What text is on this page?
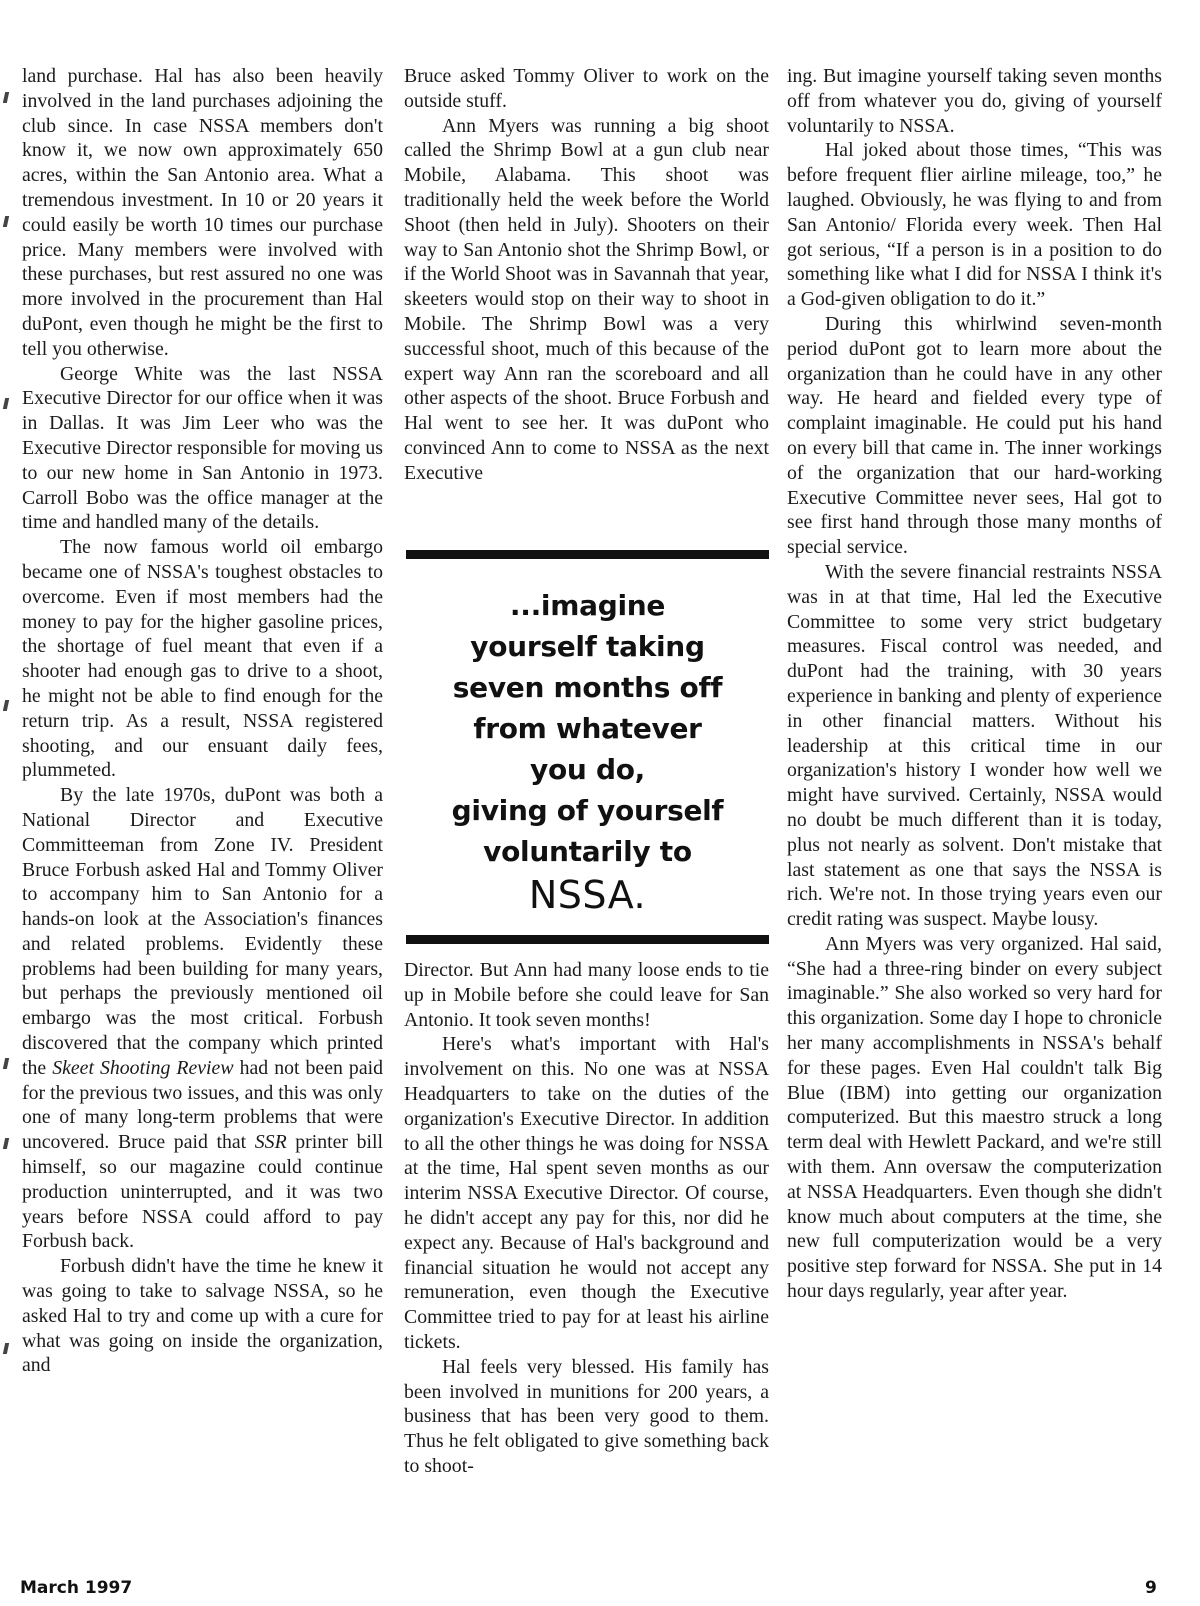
land purchase. Hal has also been heavily involved in the land purchases adjoining the club since. In case NSSA members don't know it, we now own approximately 650 acres, within the San Antonio area. What a tremendous investment. In 10 or 20 years it could easily be worth 10 times our purchase price. Many members were involved with these purchases, but rest assured no one was more involved in the procurement than Hal duPont, even though he might be the first to tell you otherwise.

George White was the last NSSA Executive Director for our office when it was in Dallas. It was Jim Leer who was the Executive Director responsible for moving us to our new home in San Antonio in 1973. Carroll Bobo was the office manager at the time and handled many of the details.

The now famous world oil embargo became one of NSSA's toughest obstacles to overcome. Even if most members had the money to pay for the higher gasoline prices, the shortage of fuel meant that even if a shooter had enough gas to drive to a shoot, he might not be able to find enough for the return trip. As a result, NSSA registered shooting, and our ensuant daily fees, plummeted.

By the late 1970s, duPont was both a National Director and Executive Committeeman from Zone IV. President Bruce Forbush asked Hal and Tommy Oliver to accompany him to San Antonio for a hands-on look at the Association's finances and related problems. Evidently these problems had been building for many years, but perhaps the previously mentioned oil embargo was the most critical. Forbush discovered that the company which printed the Skeet Shooting Review had not been paid for the previous two issues, and this was only one of many long-term problems that were uncovered. Bruce paid that SSR printer bill himself, so our magazine could continue production uninterrupted, and it was two years before NSSA could afford to pay Forbush back.

Forbush didn't have the time he knew it was going to take to salvage NSSA, so he asked Hal to try and come up with a cure for what was going on inside the organization, and

Bruce asked Tommy Oliver to work on the outside stuff.

Ann Myers was running a big shoot called the Shrimp Bowl at a gun club near Mobile, Alabama. This shoot was traditionally held the week before the World Shoot (then held in July). Shooters on their way to San Antonio shot the Shrimp Bowl, or if the World Shoot was in Savannah that year, skeeters would stop on their way to shoot in Mobile. The Shrimp Bowl was a very successful shoot, much of this because of the expert way Ann ran the scoreboard and all other aspects of the shoot. Bruce Forbush and Hal went to see her. It was duPont who convinced Ann to come to NSSA as the next Executive

...imagine
yourself taking
seven months off
from whatever
you do,
giving of yourself
voluntarily to
NSSA.

Director. But Ann had many loose ends to tie up in Mobile before she could leave for San Antonio. It took seven months!

Here's what's important with Hal's involvement on this. No one was at NSSA Headquarters to take on the duties of the organization's Executive Director. In addition to all the other things he was doing for NSSA at the time, Hal spent seven months as our interim NSSA Executive Director. Of course, he didn't accept any pay for this, nor did he expect any. Because of Hal's background and financial situation he would not accept any remuneration, even though the Executive Committee tried to pay for at least his airline tickets.

Hal feels very blessed. His family has been involved in munitions for 200 years, a business that has been very good to them. Thus he felt obligated to give something back to shoot-

ing. But imagine yourself taking seven months off from whatever you do, giving of yourself voluntarily to NSSA.

Hal joked about those times, “This was before frequent flier airline mileage, too,” he laughed. Obviously, he was flying to and from San Antonio/ Florida every week. Then Hal got serious, “If a person is in a position to do something like what I did for NSSA I think it's a God-given obligation to do it.”

During this whirlwind seven-month period duPont got to learn more about the organization than he could have in any other way. He heard and fielded every type of complaint imaginable. He could put his hand on every bill that came in. The inner workings of the organization that our hard-working Executive Committee never sees, Hal got to see first hand through those many months of special service.

With the severe financial restraints NSSA was in at that time, Hal led the Executive Committee to some very strict budgetary measures. Fiscal control was needed, and duPont had the training, with 30 years experience in banking and plenty of experience in other financial matters. Without his leadership at this critical time in our organization's history I wonder how well we might have survived. Certainly, NSSA would no doubt be much different than it is today, plus not nearly as solvent. Don't mistake that last statement as one that says the NSSA is rich. We're not. In those trying years even our credit rating was suspect. Maybe lousy.

Ann Myers was very organized. Hal said, “She had a three-ring binder on every subject imaginable.” She also worked so very hard for this organization. Some day I hope to chronicle her many accomplishments in NSSA's behalf for these pages. Even Hal couldn't talk Big Blue (IBM) into getting our organization computerized. But this maestro struck a long term deal with Hewlett Packard, and we're still with them. Ann oversaw the computerization at NSSA Headquarters. Even though she didn't know much about computers at the time, she new full computerization would be a very positive step forward for NSSA. She put in 14 hour days regularly, year after year.

March 1997	9
